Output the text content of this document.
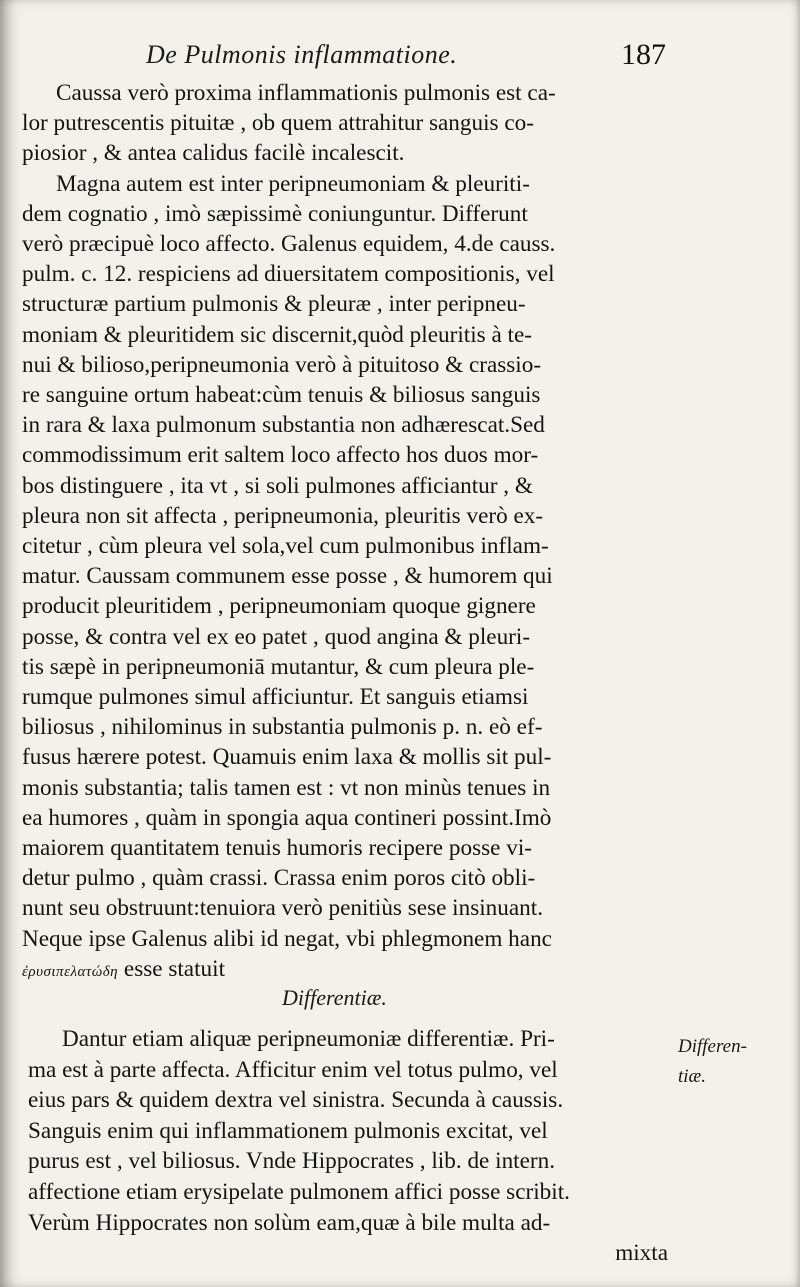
De Pulmonis inflammatione.	187
Caussa verò proxima inflammationis pulmonis est ca-
lor putrescentis pituitæ , ob quem attrahitur sanguis co-
piosior , & antea calidus facilè incalescit.
Magna autem est inter peripneumoniam & pleuriti-
dem cognatio , imò sæpissimè coniunguntur. Differunt
verò præcipuè loco affecto. Galenus equidem, 4.de causs.
pulm. c. 12. respiciens ad diuersitatem compositionis, vel
structuræ partium pulmonis & pleuræ , inter peripneu-
moniam & pleuritidem sic discernit,quòd pleuritis à te-
nui & bilioso,peripneumonia verò à pituitoso & crassio-
re sanguine ortum habeat:cùm tenuis & biliosus sanguis
in rara & laxa pulmonum substantia non adhærescat.Sed
commodissimum erit saltem loco affecto hos duos mor-
bos distinguere , ita vt , si soli pulmones afficiantur , &
pleura non sit affecta , peripneumonia, pleuritis verò ex-
citetur , cùm pleura vel sola,vel cum pulmonibus inflam-
matur. Caussam communem esse posse , & humorem qui
producit pleuritidem , peripneumoniam quoque gignere
posse, & contra vel ex eo patet , quod angina & pleuri-
tis sæpè in peripneumoniā mutantur, & cum pleura ple-
rumque pulmones simul afficiuntur. Et sanguis etiamsi
biliosus , nihilominus in substantia pulmonis p. n. eò ef-
fusus hærere potest. Quamuis enim laxa & mollis sit pul-
monis substantia; talis tamen est : vt non minùs tenues in
ea humores , quàm in spongia aqua contineri possint.Imò
maiorem quantitatem tenuis humoris recipere posse vi-
detur pulmo , quàm crassi. Crassa enim poros citò obli-
nunt seu obstruunt:tenuiora verò penitiùs sese insinuant.
Neque ipse Galenus alibi id negat, vbi phlegmonem hanc
ἐρυσιπελατώδη esse statuit
Differentiæ.
Differen-
tiæ.
Dantur etiam aliquæ peripneumoniæ differentiæ. Pri-
ma est à parte affecta. Afficitur enim vel totus pulmo, vel
eius pars & quidem dextra vel sinistra. Secunda à caussis.
Sanguis enim qui inflammationem pulmonis excitat, vel
purus est , vel biliosus. Vnde Hippocrates , lib. de intern.
affectione etiam erysipelate pulmonem affici posse scribit.
Verùm Hippocrates non solùm eam,quæ à bile multa ad-
mixta
